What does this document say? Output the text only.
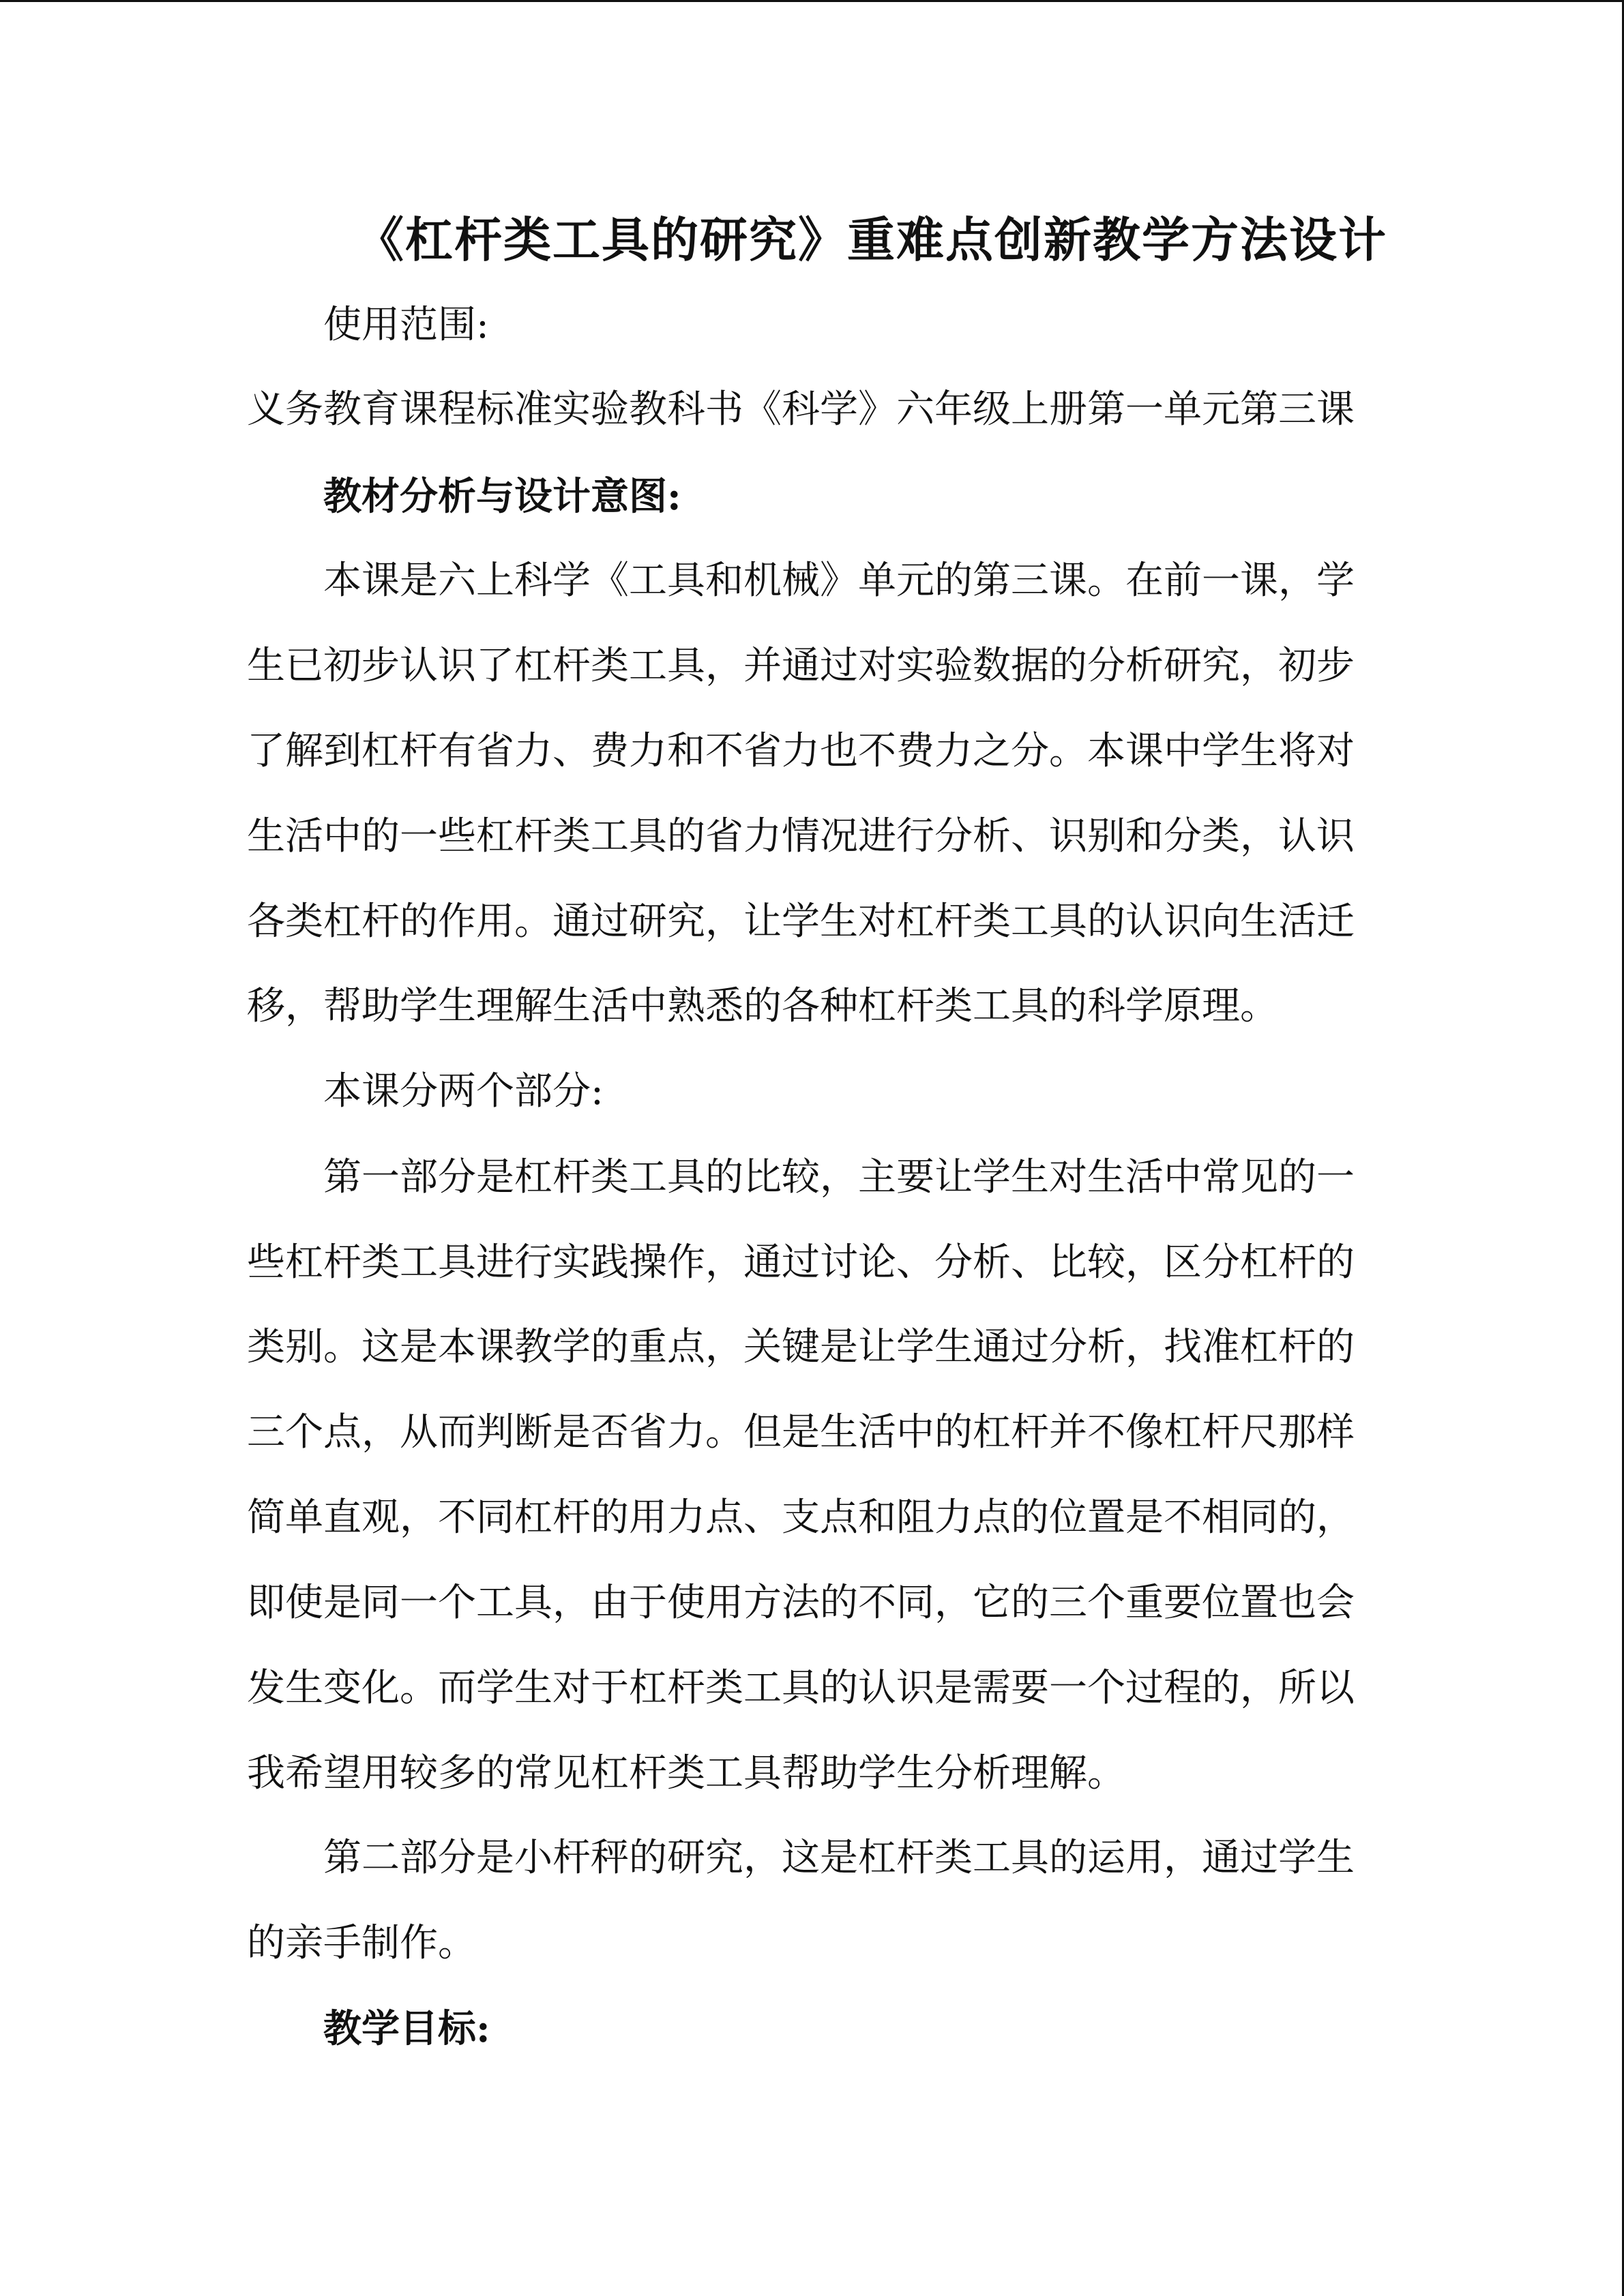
《杠杆类工具的研究》重难点创新教学方法设计
使用范围:
义务教育课程标准实验教科书《科学》六年级上册第一单元第三课
教材分析与设计意图:
本课是六上科学《工具和机械》单元的第三课。在前一课，学
生已初步认识了杠杆类工具，并通过对实验数据的分析研究，初步
了解到杠杆有省力、费力和不省力也不费力之分。本课中学生将对
生活中的一些杠杆类工具的省力情况进行分析、识别和分类，认识
各类杠杆的作用。通过研究，让学生对杠杆类工具的认识向生活迁
移，帮助学生理解生活中熟悉的各种杠杆类工具的科学原理。
本课分两个部分:
第一部分是杠杆类工具的比较，主要让学生对生活中常见的一
些杠杆类工具进行实践操作，通过讨论、分析、比较，区分杠杆的
类别。这是本课教学的重点，关键是让学生通过分析，找准杠杆的
三个点，从而判断是否省力。但是生活中的杠杆并不像杠杆尺那样
简单直观，不同杠杆的用力点、支点和阻力点的位置是不相同的，
即使是同一个工具，由于使用方法的不同，它的三个重要位置也会
发生变化。而学生对于杠杆类工具的认识是需要一个过程的，所以
我希望用较多的常见杠杆类工具帮助学生分析理解。
第二部分是小杆秤的研究，这是杠杆类工具的运用，通过学生
的亲手制作。
教学目标:
